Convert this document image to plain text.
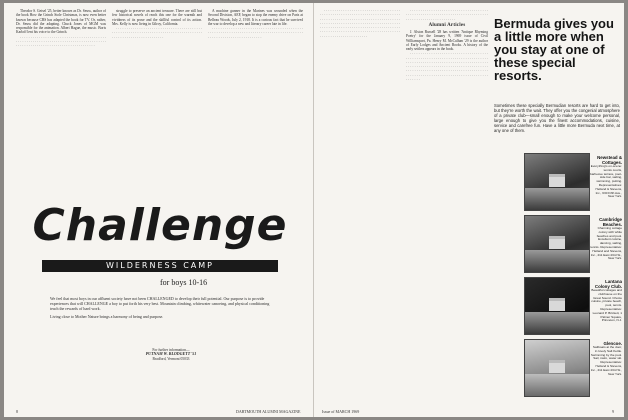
Theodor S. Geisel '25, better known as Dr. Seuss, author of the book How the Grinch Stole Christmas, is now even better known because CBS has adapted the book for TV. Or, rather, Dr. Seuss did the adapting. Chuck Jones of MGM was responsible for the animation. Albert Hague, the music. Boris Karloff lent his voice to the Grinch.

· · · · · · · · · · · · · · · · · · · · · · · · · · · · · · · · · · · · · · · · · · · · · · · · · · · · · · · · · · · · · · · · · · · · · · · · · · · · · · · · · · · · · · · · · · · · · · · · · · · · · · · · · · · · · · · · · · · · · · · · · ·

struggle to preserve an ancient treasure. There are still but few historical novels of reach this one for the warmth and vividness of its prose and the skillful control of its action. Mrs. Kelly is now living in Gilroy, California.

· · · · · · · · · · · · · · · · · · · · · · · · · · · · · · · · · · · · · · · · · · · · · · · · · · · · · · · · · · · · · · · · · · · · · · · · · · · · · · · · · · · · · · · · · · · · · · · · · · · · · · · · · · · · ·

A machine gunner in the Marines was wounded when the Second Division, AEF, began to stop the enemy drive on Paris at Belleau Woods, July 2, 1918. It is a curious fact that he survived the war to develop a new and literary career late in life.

· · · · · · · · · · · · · · · · · · · · · · · · · · · · · · · · · · · · · · · · · · · · · · · · · · · · · · · · · · · · · · · · · · · · · · · · · · · · · · · · · · · · · · · · · · · · · · · · · · · · · · · · · · · · · · · · · ·

Challenge
WILDERNESS CAMP
for boys 10-16

We feel that most boys in our affluent society have not been CHALLENGED to develop their full potential. Our purpose is to provide experiences that will CHALLENGE a boy to put forth his very best. Mountain climbing, whitewater canoeing, and physical conditioning teach the rewards of hard work.

Living close to Mother Nature brings a harmony of being and purpose.

For further information—
PUTNAM W. BLODGETT '51
Bradford, Vermont 05033
8	DARTMOUTH ALUMNI MAGAZINE

· · · · · · · · · · · · · · · · · · · · · · · · · · · · · · · · · · · · · · · · · · · · · · · · · · · · · · · · · · · · · · · · · · · · · · · · · · · · · · · · · · · · · · · · · · · · · · · · · · · · · · · · · · · · · · · · · · · · · · · · · · · · · · · · · · · · · · · · · · · · · · · · · · · · · · · · · · · · · · · · · · · · · · · · · · · · · · · · · · · · · · · · · · · · · · · · · · · · · · · · · · · · · · · · · · · · · · · · · · · · · · · · · · · · · · · · · · · · · · · · · · · · · · · · ·

· · · · · · · · · · · · · · · · · · · · · · · · · · · · · · · · · · · · · · · · · · · · · · · · · · · · · · · · · · · · · · · · · · · · · · · · · · · · · · · · · · · · · · · · · · · · · · · · · · · ·

Alumni Articles

J. Alston Russell '28 has written 'Antique Rhyming Poetry' for the January 9, 1969 issue of Civil Williamsport, Pa. Henry M. McCallum '29 is the author of Early Lodges and Ancient Books. A history of the early settlers appears in the book.

· · · · · · · · · · · · · · · · · · · · · · · · · · · · · · · · · · · · · · · · · · · · · · · · · · · · · · · · · · · · · · · · · · · · · · · · · · · · · · · · · · · · · · · · · · · · · · · · · · · · · · · · · · · · · · · · · · · · · · · · · · · · · · · · · · · · · · · · · · · · · · · · · · · · · · · · · · · · · · · · · · · · · · · · · · · · · · · · · · · · · · · · · · · · · · · · · · · · · · · · · · · · · · · · · · · · · · · · · · · · · · · · · · · · · · · · · · · · · · ·

Bermuda gives you a little more when you stay at one of these special resorts.
Sometimes these specially Bermudian resorts are hard to get into, but they're worth the wait. They offer you the congenial atmosphere of a private club—small enough to make your welcome personal, large enough to give you the finest accommodations, cuisine, service and carefree fun. Have a little more Bermuda next time, at any one of them.
Newstead & Cottages.
Everything's on-scene: tennis courts, barbecue terrace, pool-side bar, sailing, swimming, putting. Representatives: Hetland & Stevens, Inc., 630 Fifth Ave., New York.
Cambridge Beaches.
Charming cottage colony with white beaches and pool. Excellent cuisine, dancing, sailing, tennis. Representative: Hetland and Stevens, Inc., 211 East 43rd St., New York.
Lantana Colony Club.
Beautiful cottages and clubhouse on the Great Sound. Choice cuisine, private beach, pool, tennis. Representative: Leonard P. Brickett, 1 Palmer Square, Princeton, N.J.
Glencoe.
Sailboats at the door, in lovely Salt Kettle. Swimming by the pool. Sail, swim, water ski. Representative: Hetland & Stevens, Inc., 211 East 43rd St., New York.
Issue of MARCH 1969	9
